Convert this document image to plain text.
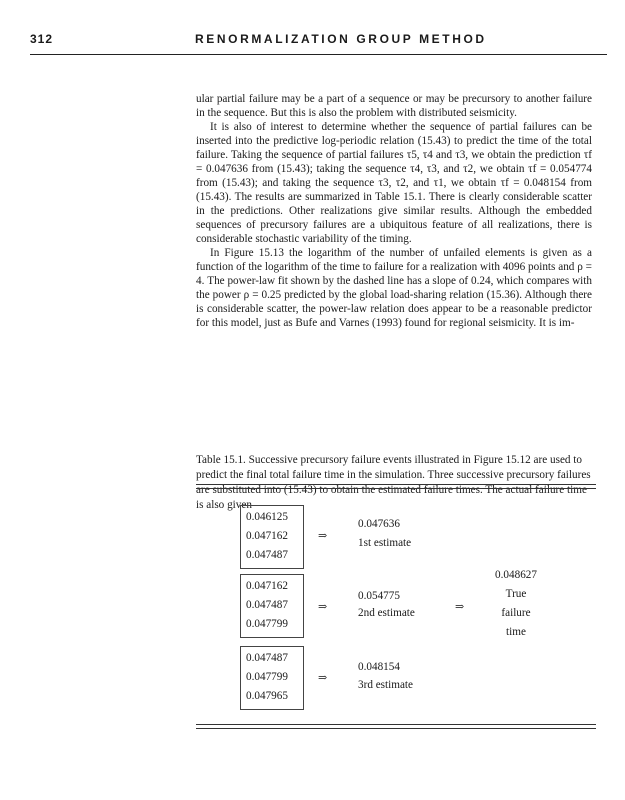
312	RENORMALIZATION GROUP METHOD

ular partial failure may be a part of a sequence or may be precursory to another failure in the sequence. But this is also the problem with distributed seismicity.

It is also of interest to determine whether the sequence of partial failures can be inserted into the predictive log-periodic relation (15.43) to predict the time of the total failure. Taking the sequence of partial failures τ5, τ4 and τ3, we obtain the prediction τf = 0.047636 from (15.43); taking the sequence τ4, τ3, and τ2, we obtain τf = 0.054774 from (15.43); and taking the sequence τ3, τ2, and τ1, we obtain τf = 0.048154 from (15.43). The results are summarized in Table 15.1. There is clearly considerable scatter in the predictions. Other realizations give similar results. Although the embedded sequences of precursory failures are a ubiquitous feature of all realizations, there is considerable stochastic variability of the timing.

In Figure 15.13 the logarithm of the number of unfailed elements is given as a function of the logarithm of the time to failure for a realization with 4096 points and ρ = 4. The power-law fit shown by the dashed line has a slope of 0.24, which compares with the power ρ = 0.25 predicted by the global load-sharing relation (15.36). Although there is considerable scatter, the power-law relation does appear to be a reasonable predictor for this model, just as Bufe and Varnes (1993) found for regional seismicity. It is im-

Table 15.1. Successive precursory failure events illustrated in Figure 15.12 are used to predict the final total failure time in the simulation. Three successive precursory failures are substituted into (15.43) to obtain the estimated failure times. The actual failure time is also given
0.046125
0.047162
0.047487
⇒
0.047636
1st estimate
0.047162
0.047487
0.047799
⇒
0.054775
2nd estimate	⇒
0.048627
True
failure
time
0.047487
0.047799
0.047965
⇒
0.048154
3rd estimate
